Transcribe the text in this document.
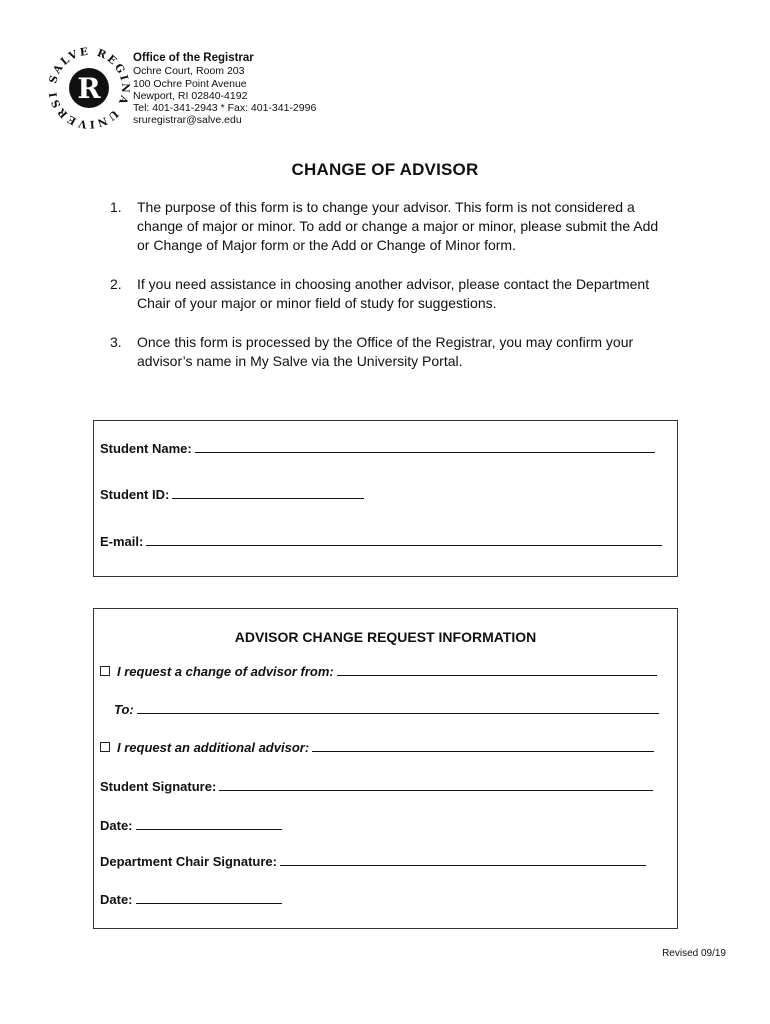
SALVE REGINA UNIVERSI R
Office of the Registrar
Ochre Court, Room 203
100 Ochre Point Avenue
Newport, RI 02840-4192
Tel: 401-341-2943 * Fax: 401-341-2996
sruregistrar@salve.edu
CHANGE OF ADVISOR
1. The purpose of this form is to change your advisor. This form is not considered a change of major or minor. To add or change a major or minor, please submit the Add or Change of Major form or the Add or Change of Minor form.
2. If you need assistance in choosing another advisor, please contact the Department Chair of your major or minor field of study for suggestions.
3. Once this form is processed by the Office of the Registrar, you may confirm your advisor’s name in My Salve via the University Portal.
Student Name:
Student ID:
E-mail:
ADVISOR CHANGE REQUEST INFORMATION
I request a change of advisor from:
To:
I request an additional advisor:
Student Signature:
Date:
Department Chair Signature:
Date:
Revised 09/19
